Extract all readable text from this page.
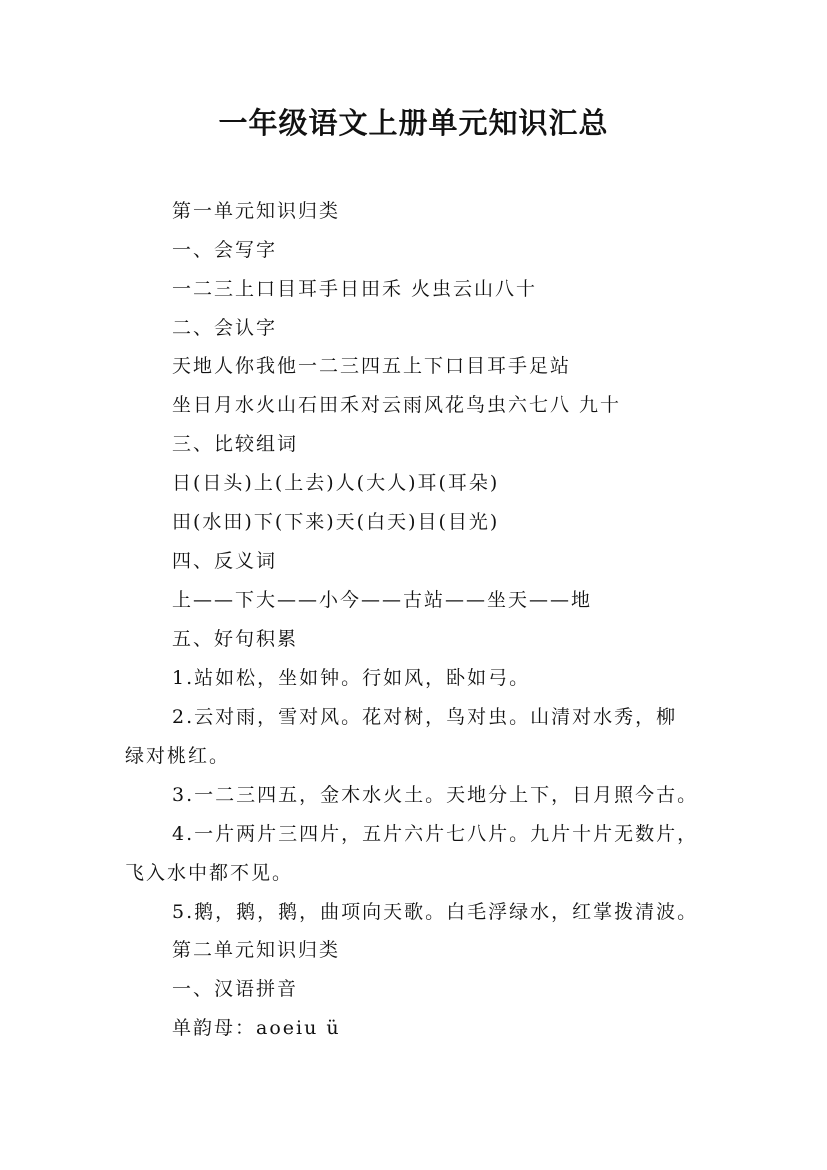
一年级语文上册单元知识汇总

第一单元知识归类

一、会写字

一二三上口目耳手日田禾 火虫云山八十

二、会认字

天地人你我他一二三四五上下口目耳手足站

坐日月水火山石田禾对云雨风花鸟虫六七八 九十

三、比较组词

日(日头)上(上去)人(大人)耳(耳朵)

田(水田)下(下来)天(白天)目(目光)

四、反义词

上——下大——小今——古站——坐天——地

五、好句积累

1.站如松，坐如钟。行如风，卧如弓。

2.云对雨，雪对风。花对树，鸟对虫。山清对水秀，柳

绿对桃红。

3.一二三四五，金木水火土。天地分上下，日月照今古。

4.一片两片三四片，五片六片七八片。九片十片无数片，

飞入水中都不见。

5.鹅，鹅，鹅，曲项向天歌。白毛浮绿水，红掌拨清波。

第二单元知识归类

一、汉语拼音

单韵母：aoeiu ü
